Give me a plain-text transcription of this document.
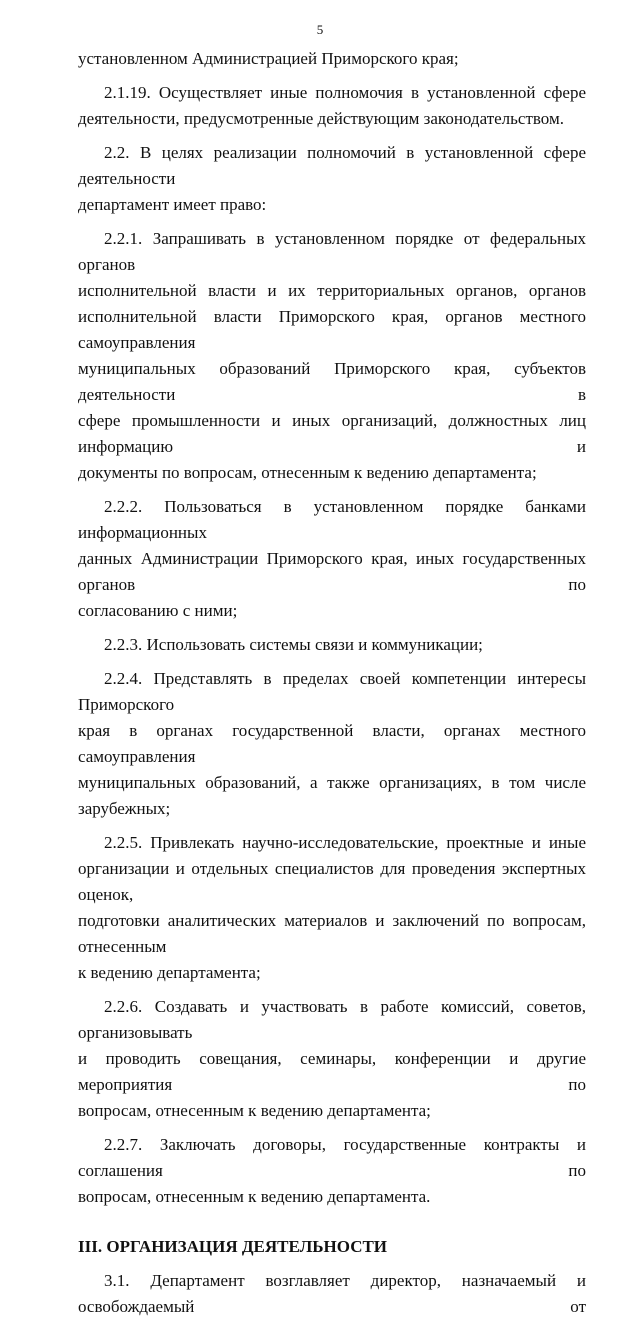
5

установленном Администрацией Приморского края;

2.1.19. Осуществляет иные полномочия в установленной сфере
деятельности, предусмотренные действующим законодательством.

2.2. В целях реализации полномочий в установленной сфере деятельности
департамент имеет право:

2.2.1. Запрашивать в установленном порядке от федеральных органов
исполнительной власти и их территориальных органов, органов
исполнительной власти Приморского края, органов местного самоуправления
муниципальных образований Приморского края, субъектов деятельности в
сфере промышленности и иных организаций, должностных лиц информацию и
документы по вопросам, отнесенным к ведению департамента;

2.2.2. Пользоваться в установленном порядке банками информационных
данных Администрации Приморского края, иных государственных органов по
согласованию с ними;

2.2.3. Использовать системы связи и коммуникации;

2.2.4. Представлять в пределах своей компетенции интересы Приморского
края в органах государственной власти, органах местного самоуправления
муниципальных образований, а также организациях, в том числе зарубежных;

2.2.5. Привлекать научно-исследовательские, проектные и иные
организации и отдельных специалистов для проведения экспертных оценок,
подготовки аналитических материалов и заключений по вопросам, отнесенным
к ведению департамента;

2.2.6. Создавать и участвовать в работе комиссий, советов, организовывать
и проводить совещания, семинары, конференции и другие мероприятия по
вопросам, отнесенным к ведению департамента;

2.2.7. Заключать договоры, государственные контракты и соглашения по
вопросам, отнесенным к ведению департамента.

III. ОРГАНИЗАЦИЯ ДЕЯТЕЛЬНОСТИ

3.1. Департамент возглавляет директор, назначаемый и освобождаемый от
